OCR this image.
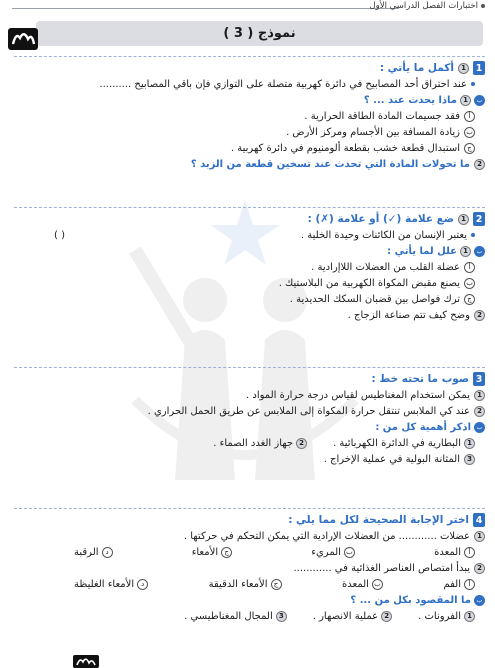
اختبارات الفصل الدراسي الأول
نموذج ( 3 )
1
1
أكمل ما يأتي :
عند احتراق أحد المصابيح في دائرة كهربية متصلة على التوازي فإن باقي المصابيح ..........
ب
1
ماذا يحدث عند ... ؟
أ
فقد جسيمات المادة الطاقة الحرارية .
ب
زيادة المسافة بين الأجسام ومركز الأرض .
ج
استبدال قطعة خشب بقطعة ألومنيوم في دائرة كهربية .
2
ما تحولات المادة التي تحدث عند تسخين قطعة من الزبد ؟
2
1
ضع علامة (✓) أو علامة (✗) :
يعتبر الإنسان من الكائنات وحيدة الخلية .
( )
ب
1
علل لما يأتي :
أ
عضلة القلب من العضلات اللاإرادية .
ب
يصنع مقبض المكواة الكهربية من البلاستيك .
ج
ترك فواصل بين قضبان السكك الحديدية .
2
وضح كيف تتم صناعة الزجاج .
3
صوب ما تحته خط :
1
يمكن استخدام المغناطيس لقياس درجة حرارة المواد .
2
عند كي الملابس تنتقل حرارة المكواة إلى الملابس عن طريق الحمل الحراري .
ب
اذكر أهمية كل من :
1
البطارية في الدائرة الكهربائية .
2
جهاز الغدد الصماء .
3
المثانة البولية في عملية الإخراج .
4
اختر الإجابة الصحيحة لكل مما يلي :
1
عضلات ............ من العضلات الإرادية التي يمكن التحكم في حركتها .
أ
المعدة
ب
المريء
ج
الأمعاء
د
الرقبة
2
يبدأ امتصاص العناصر الغذائية في ............
أ
الفم
ب
المعدة
ج
الأمعاء الدقيقة
د
الأمعاء الغليظة
ب
ما المقصود بكل من ... ؟
1
الفرونات .
2
عملية الانصهار .
3
المجال المغناطيسي .
